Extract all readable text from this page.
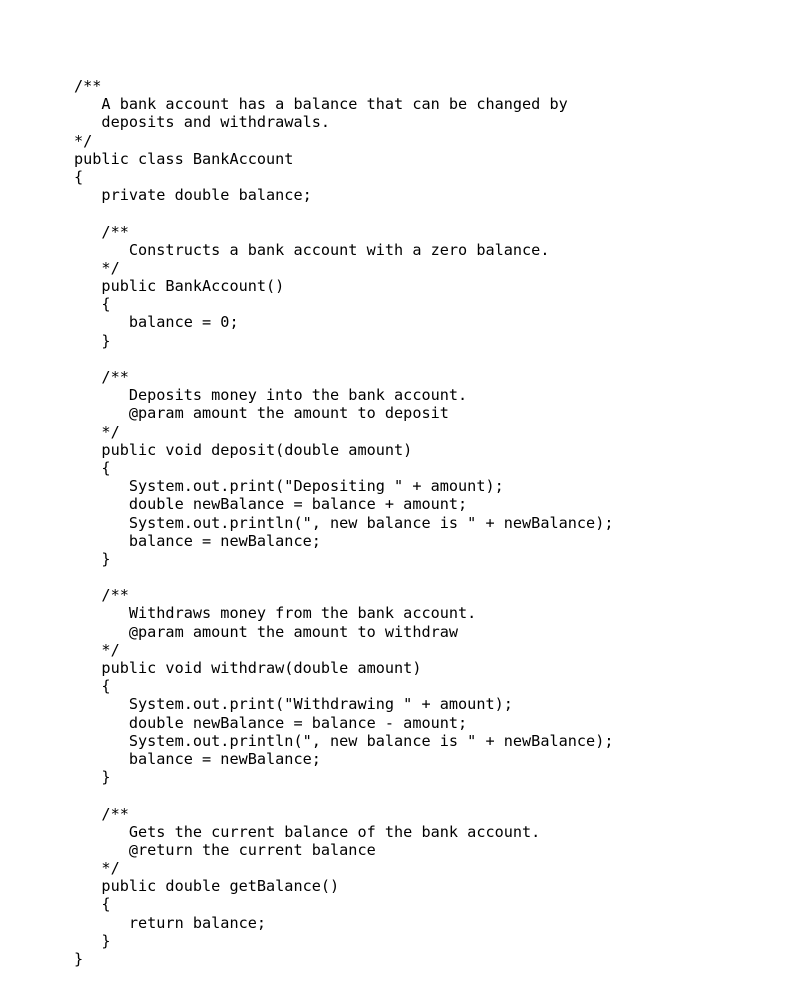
/**
A bank account has a balance that can be changed by
deposits and withdrawals.
*/
public class BankAccount
{
private double balance;
/**
Constructs a bank account with a zero balance.
*/
public BankAccount()
{
balance = 0;
}
/**
Deposits money into the bank account.
@param amount the amount to deposit
*/
public void deposit(double amount)
{
System.out.print("Depositing " + amount);
double newBalance = balance + amount;
System.out.println(", new balance is " + newBalance);
balance = newBalance;
}
/**
Withdraws money from the bank account.
@param amount the amount to withdraw
*/
public void withdraw(double amount)
{
System.out.print("Withdrawing " + amount);
double newBalance = balance - amount;
System.out.println(", new balance is " + newBalance);
balance = newBalance;
}
/**
Gets the current balance of the bank account.
@return the current balance
*/
public double getBalance()
{
return balance;
}
}
